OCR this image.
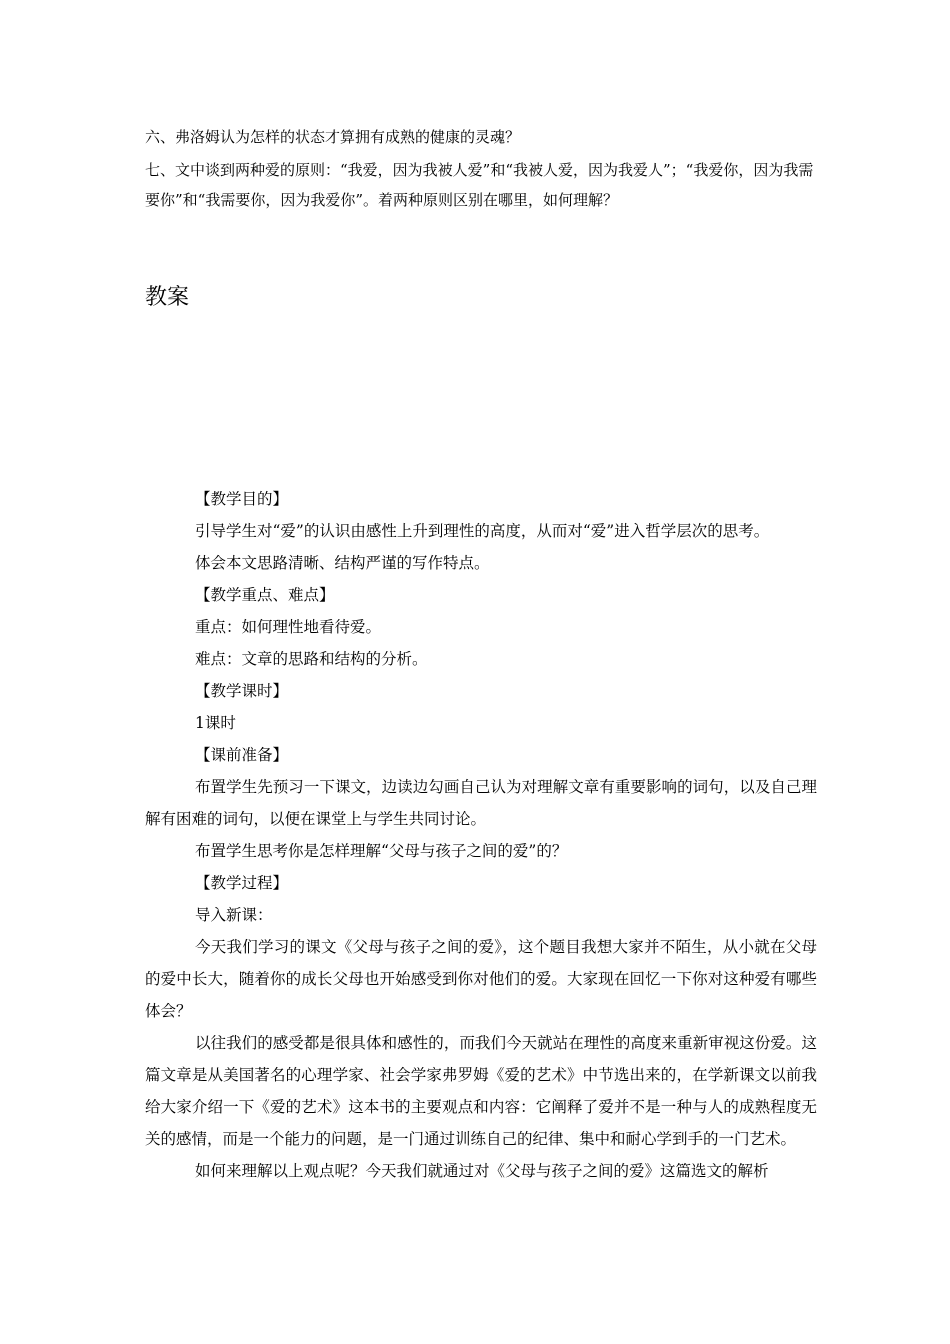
六、弗洛姆认为怎样的状态才算拥有成熟的健康的灵魂？
七、文中谈到两种爱的原则：“我爱，因为我被人爱”和“我被人爱，因为我爱人”；“我爱你，因为我需要你”和“我需要你，因为我爱你”。着两种原则区别在哪里，如何理解？
教案

【教学目的】

引导学生对“爱”的认识由感性上升到理性的高度，从而对“爱”进入哲学层次的思考。

体会本文思路清晰、结构严谨的写作特点。

【教学重点、难点】

重点：如何理性地看待爱。

难点：文章的思路和结构的分析。

【教学课时】

1课时

【课前准备】

布置学生先预习一下课文，边读边勾画自己认为对理解文章有重要影响的词句，以及自己理解有困难的词句，以便在课堂上与学生共同讨论。

布置学生思考你是怎样理解“父母与孩子之间的爱”的？

【教学过程】

导入新课：

今天我们学习的课文《父母与孩子之间的爱》，这个题目我想大家并不陌生，从小就在父母的爱中长大，随着你的成长父母也开始感受到你对他们的爱。大家现在回忆一下你对这种爱有哪些体会？

以往我们的感受都是很具体和感性的，而我们今天就站在理性的高度来重新审视这份爱。这篇文章是从美国著名的心理学家、社会学家弗罗姆《爱的艺术》中节选出来的，在学新课文以前我给大家介绍一下《爱的艺术》这本书的主要观点和内容：它阐释了爱并不是一种与人的成熟程度无关的感情，而是一个能力的问题，是一门通过训练自己的纪律、集中和耐心学到手的一门艺术。

如何来理解以上观点呢？今天我们就通过对《父母与孩子之间的爱》这篇选文的解析
